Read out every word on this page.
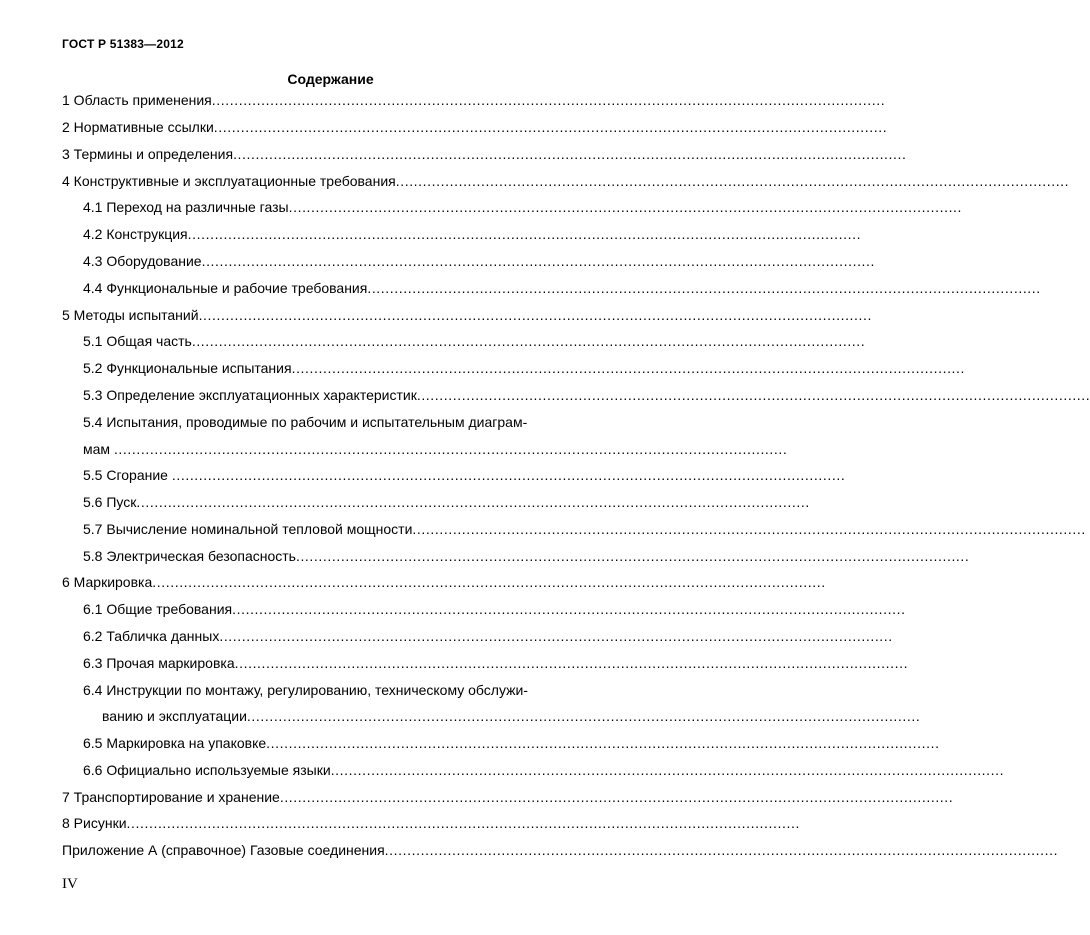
ГОСТ Р 51383—2012
Содержание
1 Область применения......................................................................................................................................................
2 Нормативные ссылки......................................................................................................................................................
3 Термины и определения......................................................................................................................................................
4 Конструктивные и эксплуатационные требования......................................................................................................................................................
4.1 Переход на различные газы......................................................................................................................................................
4.2 Конструкция......................................................................................................................................................
4.3 Оборудование......................................................................................................................................................
4.4 Функциональные и рабочие требования......................................................................................................................................................
5 Методы испытаний......................................................................................................................................................
5.1 Общая часть......................................................................................................................................................
5.2 Функциональные испытания......................................................................................................................................................
5.3 Определение эксплуатационных характеристик......................................................................................................................................................
5.4 Испытания, проводимые по рабочим и испытательным диаграм-
мам ......................................................................................................................................................
5.5 Сгорание ......................................................................................................................................................
5.6 Пуск......................................................................................................................................................
5.7 Вычисление номинальной тепловой мощности......................................................................................................................................................
5.8 Электрическая безопасность......................................................................................................................................................
6 Маркировка......................................................................................................................................................
6.1 Общие требования......................................................................................................................................................
6.2 Табличка данных......................................................................................................................................................
6.3 Прочая маркировка......................................................................................................................................................
6.4 Инструкции по монтажу, регулированию, техническому обслужи-
ванию и эксплуатации......................................................................................................................................................
6.5 Маркировка на упаковке......................................................................................................................................................
6.6 Официально используемые языки......................................................................................................................................................
7 Транспортирование и хранение......................................................................................................................................................
8 Рисунки......................................................................................................................................................
Приложение А (справочное) Газовые соединения......................................................................................................................................................
IV
